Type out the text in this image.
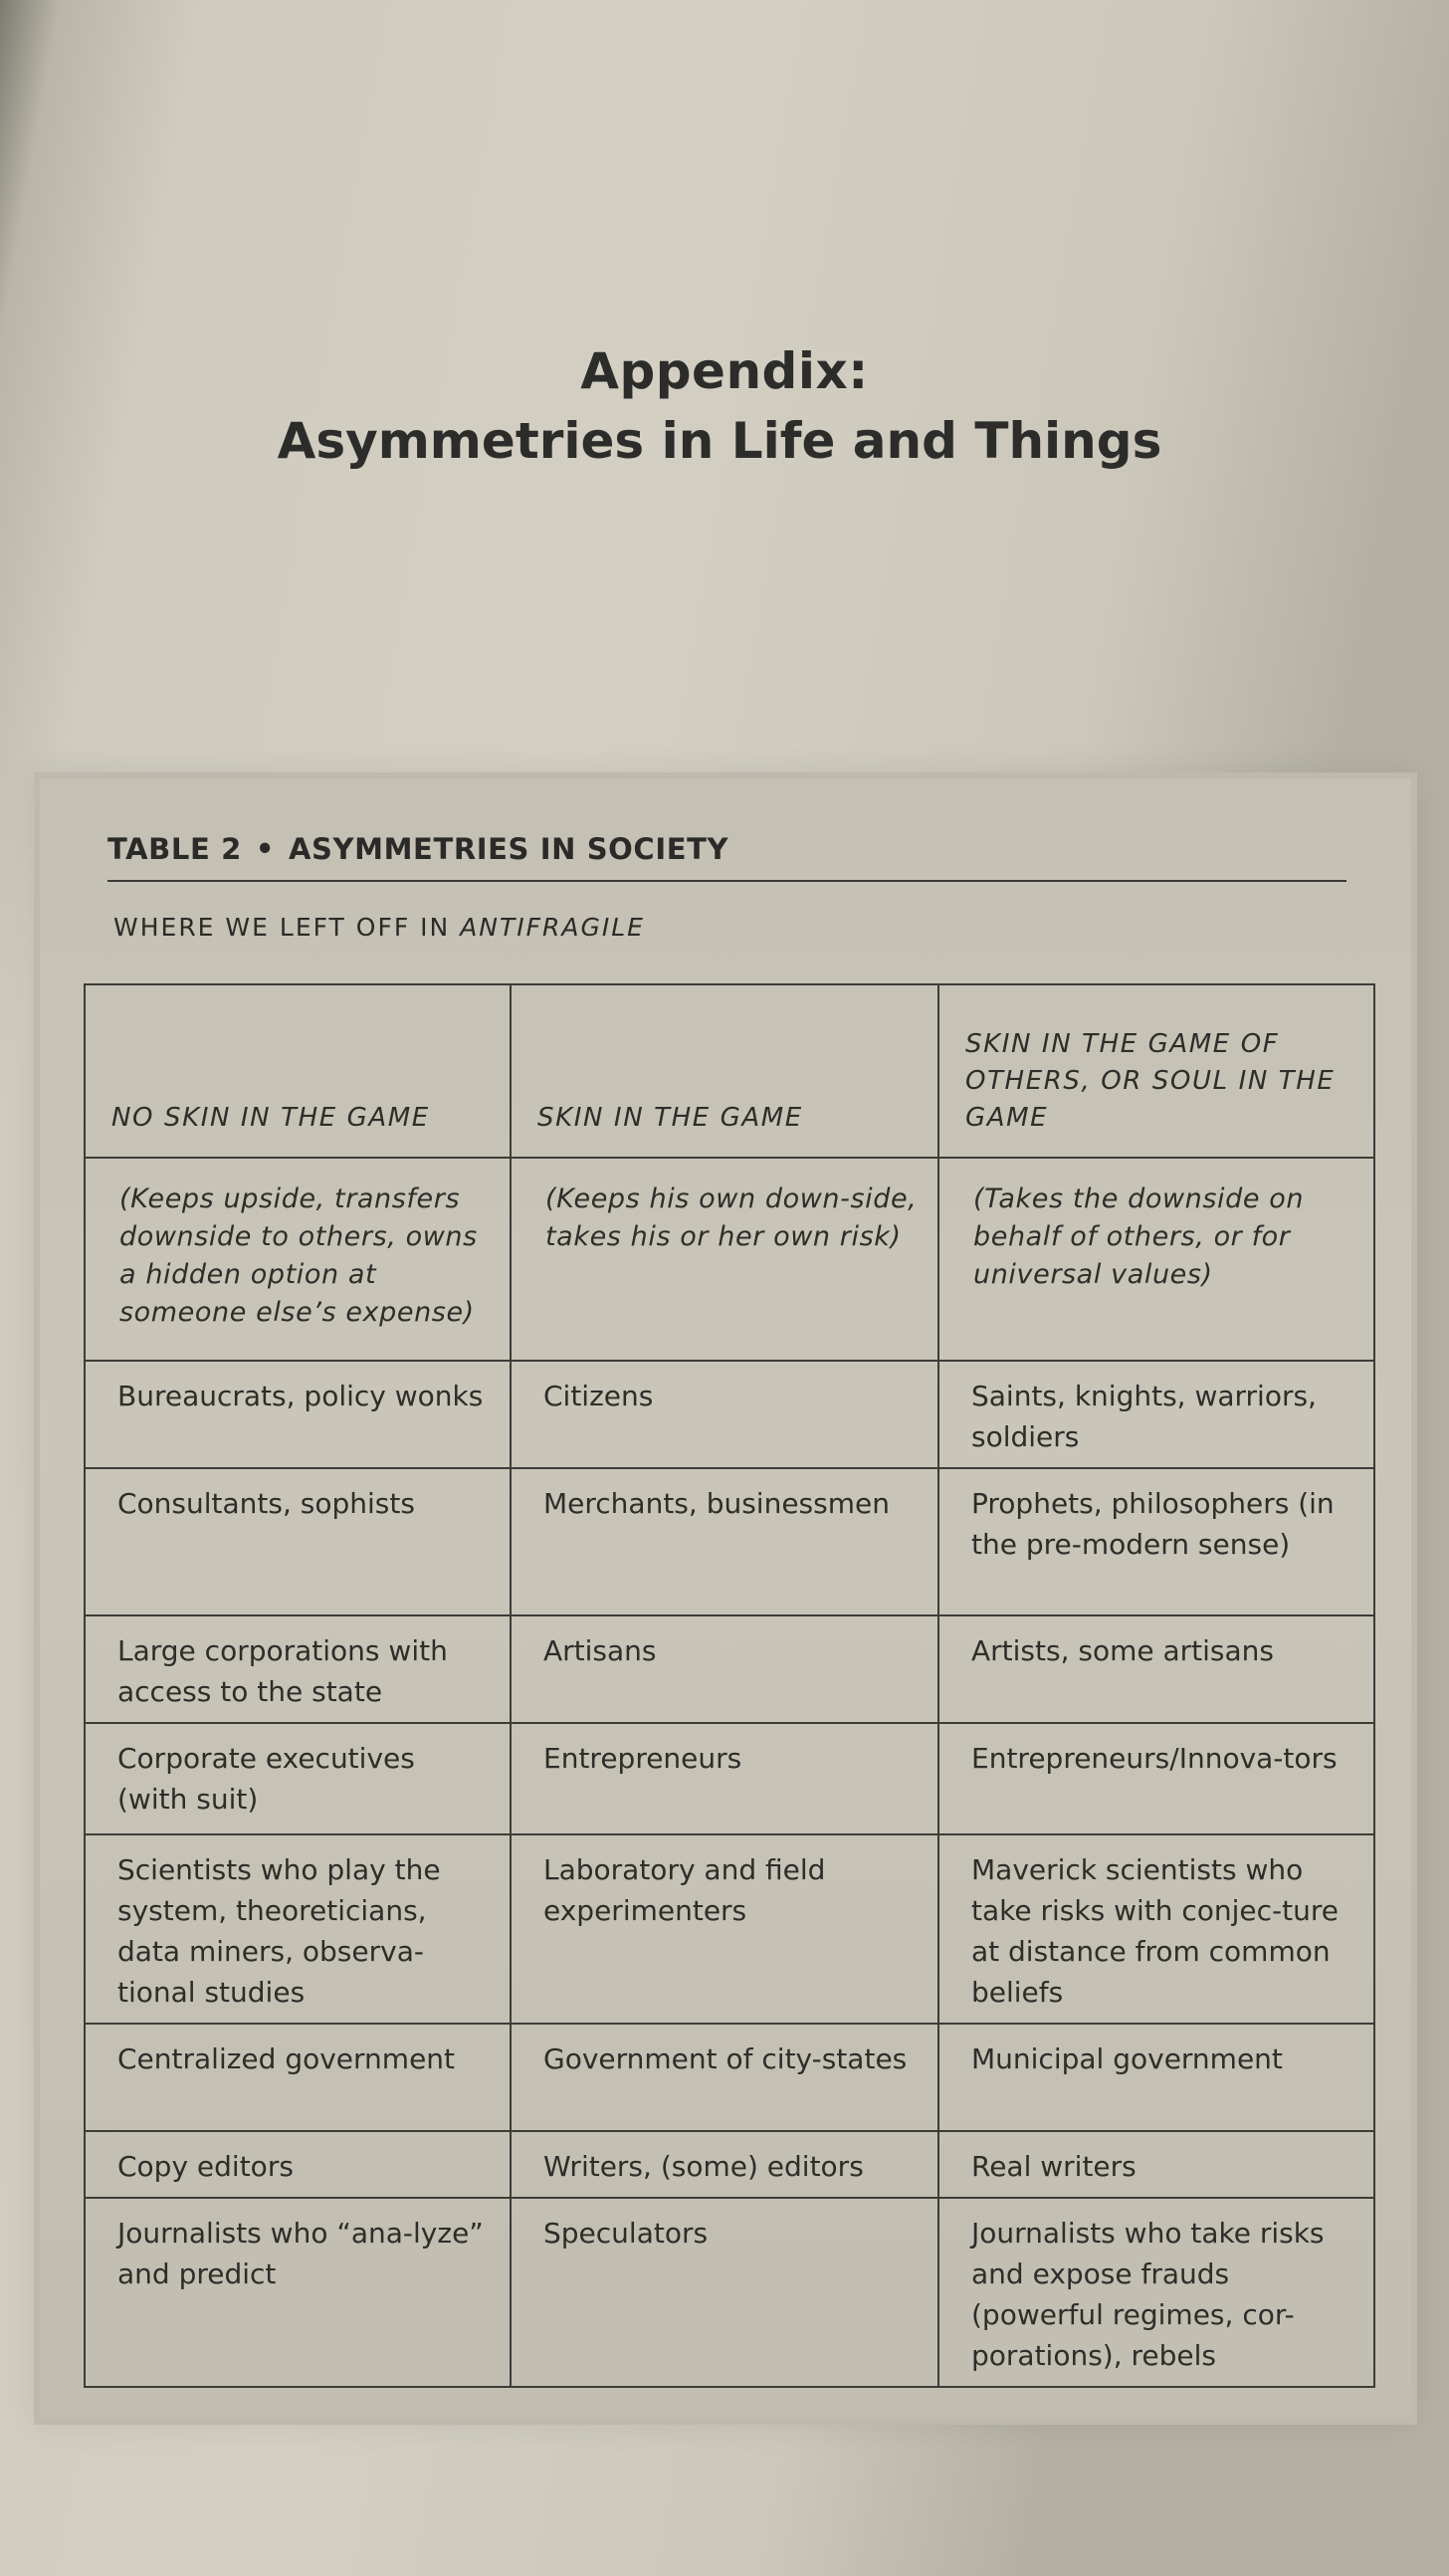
Appendix:
Asymmetries in Life and Things
TABLE 2 • ASYMMETRIES IN SOCIETY
WHERE WE LEFT OFF IN ANTIFRAGILE
NO SKIN IN THE GAME	SKIN IN THE GAME	SKIN IN THE GAME OF OTHERS, OR SOUL IN THE GAME
(Keeps upside, transfers downside to others, owns a hidden option at someone else’s expense)	(Keeps his own down-side, takes his or her own risk)	(Takes the downside on behalf of others, or for universal values)
Bureaucrats, policy wonks	Citizens	Saints, knights, warriors, soldiers
Consultants, sophists	Merchants, businessmen	Prophets, philosophers (in the pre-modern sense)
Large corporations with access to the state	Artisans	Artists, some artisans
Corporate executives (with suit)	Entrepreneurs	Entrepreneurs/Innova-tors
Scientists who play the system, theoreticians, data miners, observa-tional studies	Laboratory and field experimenters	Maverick scientists who take risks with conjec-ture at distance from common beliefs
Centralized government	Government of city-states	Municipal government
Copy editors	Writers, (some) editors	Real writers
Journalists who “ana-lyze” and predict	Speculators	Journalists who take risks and expose frauds (powerful regimes, cor-porations), rebels
